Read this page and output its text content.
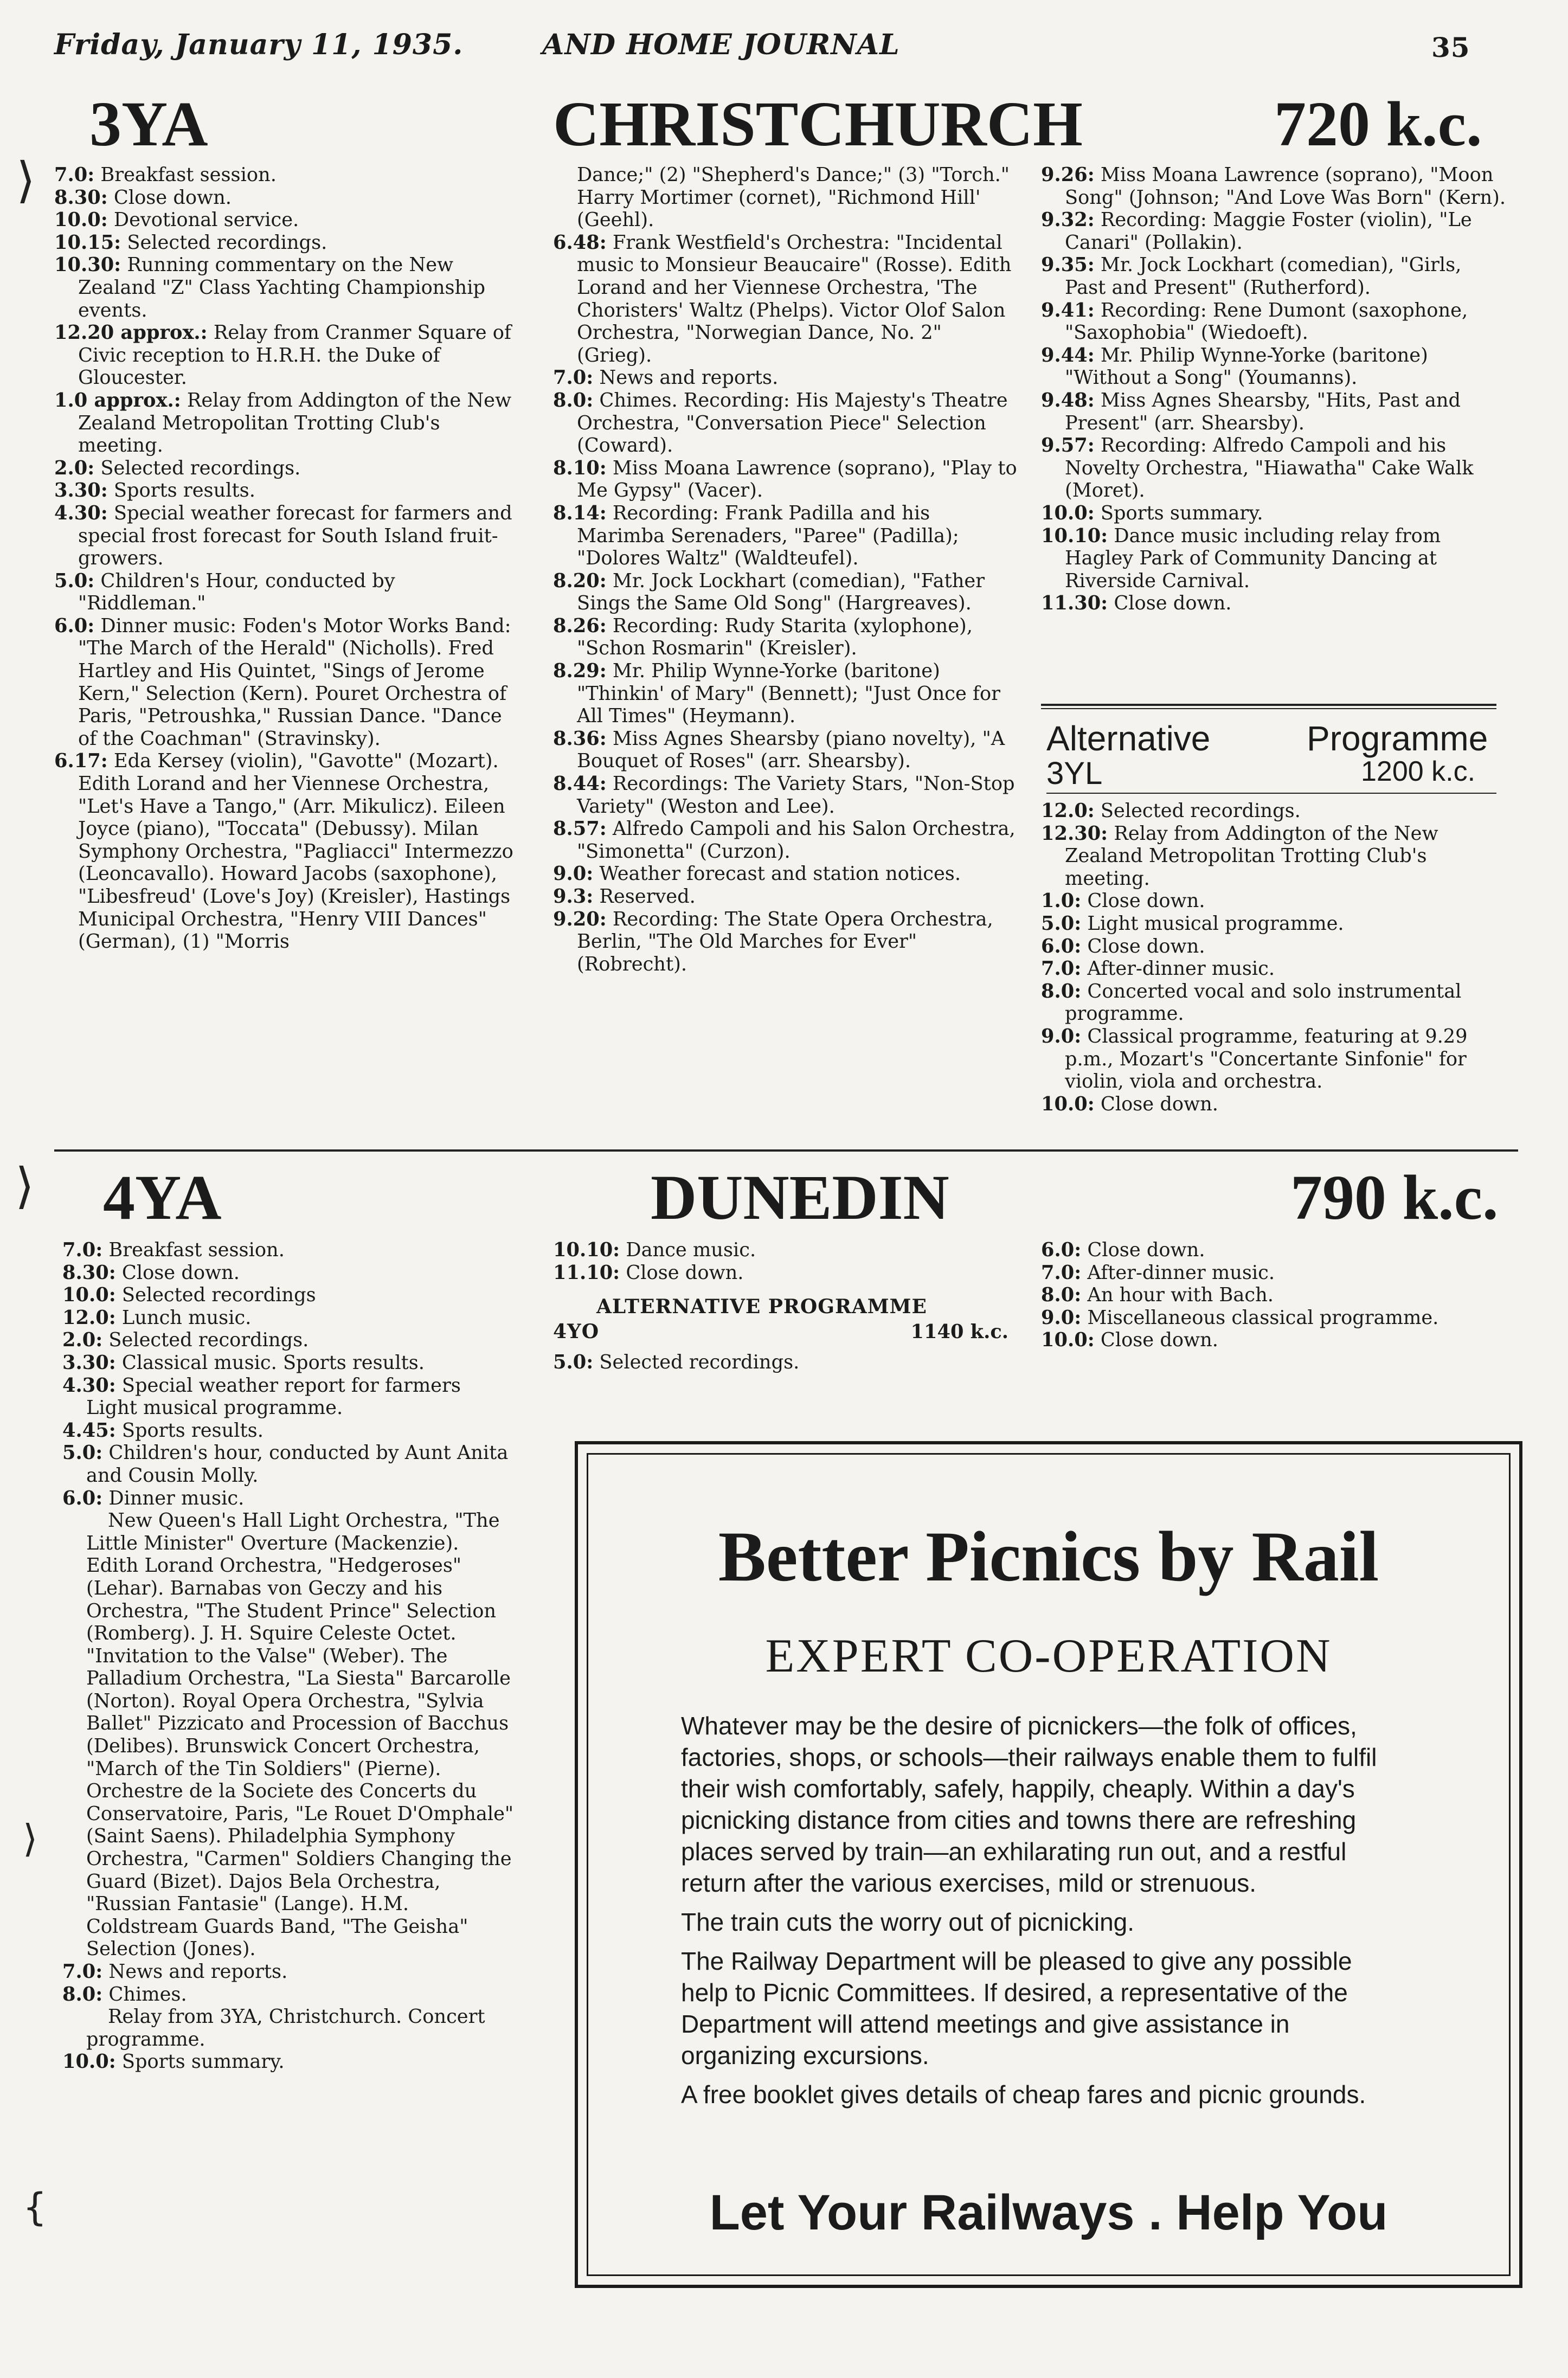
Friday, January 11, 1935.	AND HOME JOURNAL	35
3YA	CHRISTCHURCH	720 k.c.

7.0: Breakfast session.

8.30: Close down.

10.0: Devotional service.

10.15: Selected recordings.

10.30: Running commentary on the New Zealand "Z" Class Yachting Championship events.

12.20 approx.: Relay from Cranmer Square of Civic reception to H.R.H. the Duke of Gloucester.

1.0 approx.: Relay from Addington of the New Zealand Metropolitan Trotting Club's meeting.

2.0: Selected recordings.

3.30: Sports results.

4.30: Special weather forecast for farmers and special frost forecast for South Island fruit-growers.

5.0: Children's Hour, conducted by "Riddleman."

6.0: Dinner music: Foden's Motor Works Band: "The March of the Herald" (Nicholls). Fred Hartley and His Quintet, "Sings of Jerome Kern," Selection (Kern). Pouret Orchestra of Paris, "Petroushka," Russian Dance. "Dance of the Coachman" (Stravinsky).

6.17: Eda Kersey (violin), "Gavotte" (Mozart). Edith Lorand and her Viennese Orchestra, "Let's Have a Tango," (Arr. Mikulicz). Eileen Joyce (piano), "Toccata" (Debussy). Milan Symphony Orchestra, "Pagliacci" Intermezzo (Leoncavallo). Howard Jacobs (saxophone), "Libesfreud' (Love's Joy) (Kreisler), Hastings Municipal Orchestra, "Henry VIII Dances" (German), (1) "Morris

Dance;" (2) "Shepherd's Dance;" (3) "Torch." Harry Mortimer (cornet), "Richmond Hill' (Geehl).

6.48: Frank Westfield's Orchestra: "Incidental music to Monsieur Beaucaire" (Rosse). Edith Lorand and her Viennese Orchestra, 'The Choristers' Waltz (Phelps). Victor Olof Salon Orchestra, "Norwegian Dance, No. 2" (Grieg).

7.0: News and reports.

8.0: Chimes. Recording: His Majesty's Theatre Orchestra, "Conversation Piece" Selection (Coward).

8.10: Miss Moana Lawrence (soprano), "Play to Me Gypsy" (Vacer).

8.14: Recording: Frank Padilla and his Marimba Serenaders, "Paree" (Padilla); "Dolores Waltz" (Waldteufel).

8.20: Mr. Jock Lockhart (comedian), "Father Sings the Same Old Song" (Hargreaves).

8.26: Recording: Rudy Starita (xylophone), "Schon Rosmarin" (Kreisler).

8.29: Mr. Philip Wynne-Yorke (baritone) "Thinkin' of Mary" (Bennett); "Just Once for All Times" (Heymann).

8.36: Miss Agnes Shearsby (piano novelty), "A Bouquet of Roses" (arr. Shearsby).

8.44: Recordings: The Variety Stars, "Non-Stop Variety" (Weston and Lee).

8.57: Alfredo Campoli and his Salon Orchestra, "Simonetta" (Curzon).

9.0: Weather forecast and station notices.

9.3: Reserved.

9.20: Recording: The State Opera Orchestra, Berlin, "The Old Marches for Ever" (Robrecht).

9.26: Miss Moana Lawrence (soprano), "Moon Song" (Johnson; "And Love Was Born" (Kern).

9.32: Recording: Maggie Foster (violin), "Le Canari" (Pollakin).

9.35: Mr. Jock Lockhart (comedian), "Girls, Past and Present" (Rutherford).

9.41: Recording: Rene Dumont (saxophone, "Saxophobia" (Wiedoeft).

9.44: Mr. Philip Wynne-Yorke (baritone) "Without a Song" (Youmanns).

9.48: Miss Agnes Shearsby, "Hits, Past and Present" (arr. Shearsby).

9.57: Recording: Alfredo Campoli and his Novelty Orchestra, "Hiawatha" Cake Walk (Moret).

10.0: Sports summary.

10.10: Dance music including relay from Hagley Park of Community Dancing at Riverside Carnival.

11.30: Close down.

Alternative	Programme
3YL	1200 k.c.

12.0: Selected recordings.

12.30: Relay from Addington of the New Zealand Metropolitan Trotting Club's meeting.

1.0: Close down.

5.0: Light musical programme.

6.0: Close down.

7.0: After-dinner music.

8.0: Concerted vocal and solo instrumental programme.

9.0: Classical programme, featuring at 9.29 p.m., Mozart's "Concertante Sinfonie" for violin, viola and orchestra.

10.0: Close down.

4YA	DUNEDIN	790 k.c.

7.0: Breakfast session.

8.30: Close down.

10.0: Selected recordings

12.0: Lunch music.

2.0: Selected recordings.

3.30: Classical music. Sports results.

4.30: Special weather report for farmers Light musical programme.

4.45: Sports results.

5.0: Children's hour, conducted by Aunt Anita and Cousin Molly.

6.0: Dinner music.

New Queen's Hall Light Orchestra, "The Little Minister" Overture (Mackenzie). Edith Lorand Orchestra, "Hedgeroses" (Lehar). Barnabas von Geczy and his Orchestra, "The Student Prince" Selection (Romberg). J. H. Squire Celeste Octet. "Invitation to the Valse" (Weber). The Palladium Orchestra, "La Siesta" Barcarolle (Norton). Royal Opera Orchestra, "Sylvia Ballet" Pizzicato and Procession of Bacchus (Delibes). Brunswick Concert Orchestra, "March of the Tin Soldiers" (Pierne). Orchestre de la Societe des Concerts du Conservatoire, Paris, "Le Rouet D'Omphale" (Saint Saens). Philadelphia Symphony Orchestra, "Carmen" Soldiers Changing the Guard (Bizet). Dajos Bela Orchestra, "Russian Fantasie" (Lange). H.M. Coldstream Guards Band, "The Geisha" Selection (Jones).

7.0: News and reports.

8.0: Chimes.

Relay from 3YA, Christchurch. Concert programme.

10.0: Sports summary.

10.10: Dance music.

11.10: Close down.

ALTERNATIVE PROGRAMME
4YO	1140 k.c.

5.0: Selected recordings.

6.0: Close down.

7.0: After-dinner music.

8.0: An hour with Bach.

9.0: Miscellaneous classical programme.

10.0: Close down.

⟩
⟩
⟩
{
Better Picnics by Rail
EXPERT CO-OPERATION

Whatever may be the desire of picnickers—the folk of offices, factories, shops, or schools—their railways enable them to fulfil their wish comfortably, safely, happily, cheaply. Within a day's picnicking distance from cities and towns there are refreshing places served by train—an exhilarating run out, and a restful return after the various exercises, mild or strenuous.

The train cuts the worry out of picnicking.

The Railway Department will be pleased to give any possible help to Picnic Committees. If desired, a representative of the Department will attend meetings and give assistance in organizing excursions.

A free booklet gives details of cheap fares and picnic grounds.

Let Your Railways . Help You
